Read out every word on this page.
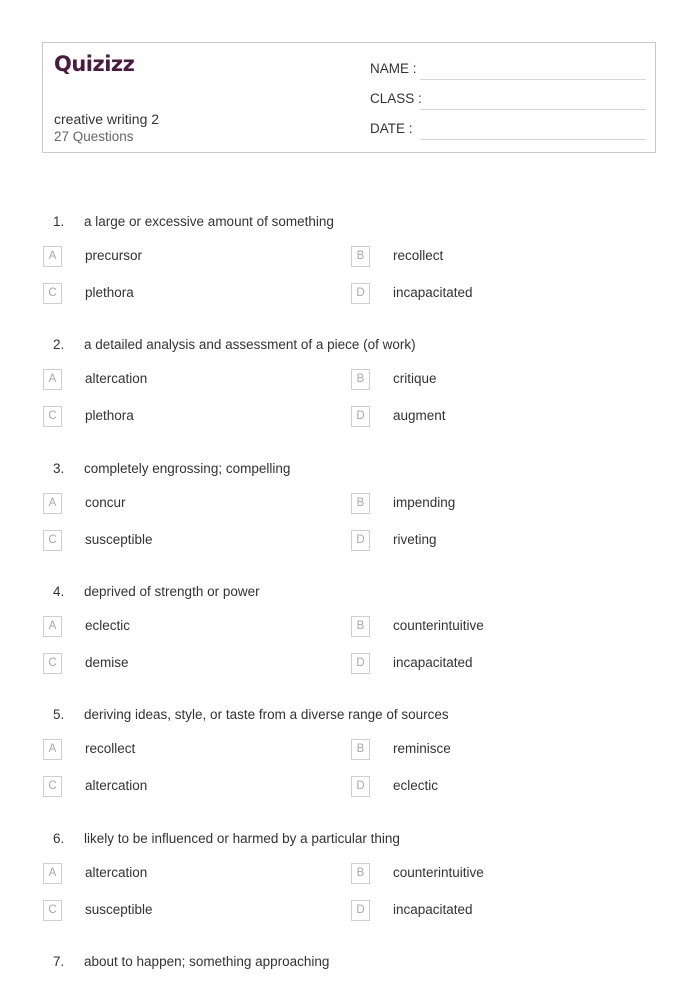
Quizizz
creative writing 2
27 Questions
NAME :
CLASS :
DATE :
1. a large or excessive amount of something
A	precursor	B	recollect
C	plethora	D	incapacitated
2. a detailed analysis and assessment of a piece (of work)
A	altercation	B	critique
C	plethora	D	augment
3. completely engrossing; compelling
A	concur	B	impending
C	susceptible	D	riveting
4. deprived of strength or power
A	eclectic	B	counterintuitive
C	demise	D	incapacitated
5. deriving ideas, style, or taste from a diverse range of sources
A	recollect	B	reminisce
C	altercation	D	eclectic
6. likely to be influenced or harmed by a particular thing
A	altercation	B	counterintuitive
C	susceptible	D	incapacitated
7. about to happen; something approaching
